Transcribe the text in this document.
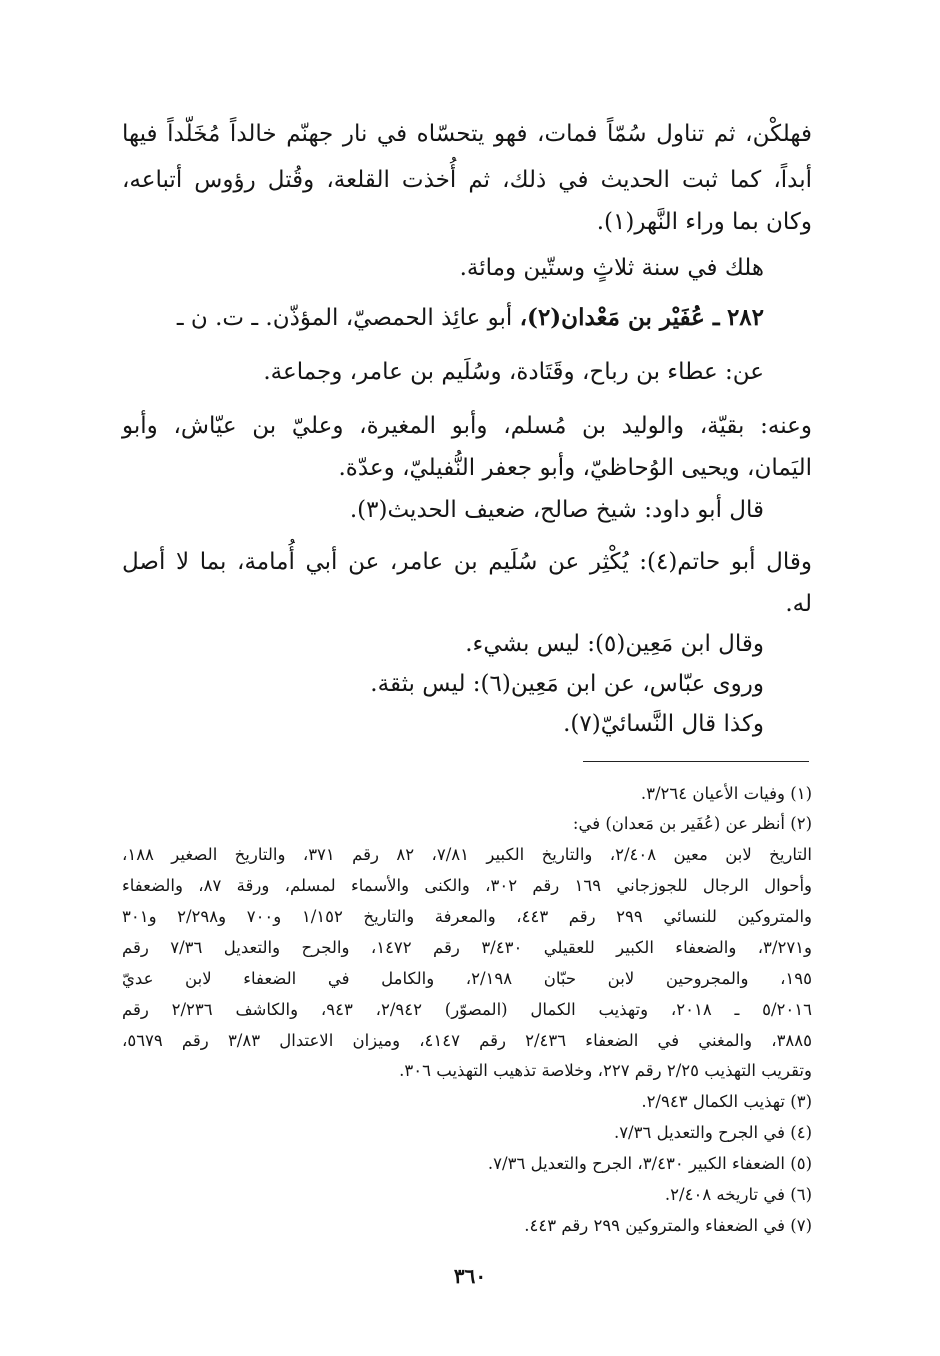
فهلكْن، ثم تناول سُمّاً فمات، فهو يتحسّاه في نار جهنّم خالداً مُخَلّداً فيها
أبداً، كما ثبت الحديث في ذلك، ثم أُخذت القلعة، وقُتل رؤوس أتباعه،
وكان بما وراء النَّهر(١).
هلك في سنة ثلاثٍ وستّين ومائة.
٢٨٢ ـ عُفَيْر بن مَعْدان(٢)، أبو عائِذ الحمصيّ، المؤذّن. ـ ت. ن ـ
عن: عطاء بن رباح، وقَتَادة، وسُلَيم بن عامر، وجماعة.
وعنه: بقيّة، والوليد بن مُسلم، وأبو المغيرة، وعليّ بن عيّاش، وأبو
اليَمان، ويحيى الوُحاظيّ، وأبو جعفر النُّفيليّ، وعدّة.
قال أبو داود: شيخ صالح، ضعيف الحديث(٣).
وقال أبو حاتم(٤): يُكْثِر عن سُلَيم بن عامر، عن أبي أُمامة، بما لا أصل
له.
وقال ابن مَعِين(٥): ليس بشيء.
وروى عبّاس، عن ابن مَعِين(٦): ليس بثقة.
وكذا قال النَّسائيّ(٧).
(١) وفيات الأعيان ٣/٢٦٤.
(٢) أنظر عن (عُفَير بن مَعدان) في:
التاريخ لابن معين ٢/٤٠٨، والتاريخ الكبير ٧/٨١، ٨٢ رقم ٣٧١، والتاريخ الصغير ١٨٨،
وأحوال الرجال للجوزجاني ١٦٩ رقم ٣٠٢، والكنى والأسماء لمسلم، ورقة ٨٧، والضعفاء
والمتروكين للنسائي ٢٩٩ رقم ٤٤٣، والمعرفة والتاريخ ١/١٥٢ و٧٠٠ و٢/٢٩٨ و٣٠١
و٣/٢٧١، والضعفاء الكبير للعقيلي ٣/٤٣٠ رقم ١٤٧٢، والجرح والتعديل ٧/٣٦ رقم
١٩٥، والمجروحين لابن حبّان ٢/١٩٨، والكامل في الضعفاء لابن عديّ
٥/٢٠١٦ ـ ٢٠١٨، وتهذيب الكمال (المصوّر) ٢/٩٤٢، ٩٤٣، والكاشف ٢/٢٣٦ رقم
٣٨٨٥، والمغني في الضعفاء ٢/٤٣٦ رقم ٤١٤٧، وميزان الاعتدال ٣/٨٣ رقم ٥٦٧٩،
وتقريب التهذيب ٢/٢٥ رقم ٢٢٧، وخلاصة تذهيب التهذيب ٣٠٦.
(٣) تهذيب الكمال ٢/٩٤٣.
(٤) في الجرح والتعديل ٧/٣٦.
(٥) الضعفاء الكبير ٣/٤٣٠، الجرح والتعديل ٧/٣٦.
(٦) في تاريخه ٢/٤٠٨.
(٧) في الضعفاء والمتروكين ٢٩٩ رقم ٤٤٣.
٣٦٠
